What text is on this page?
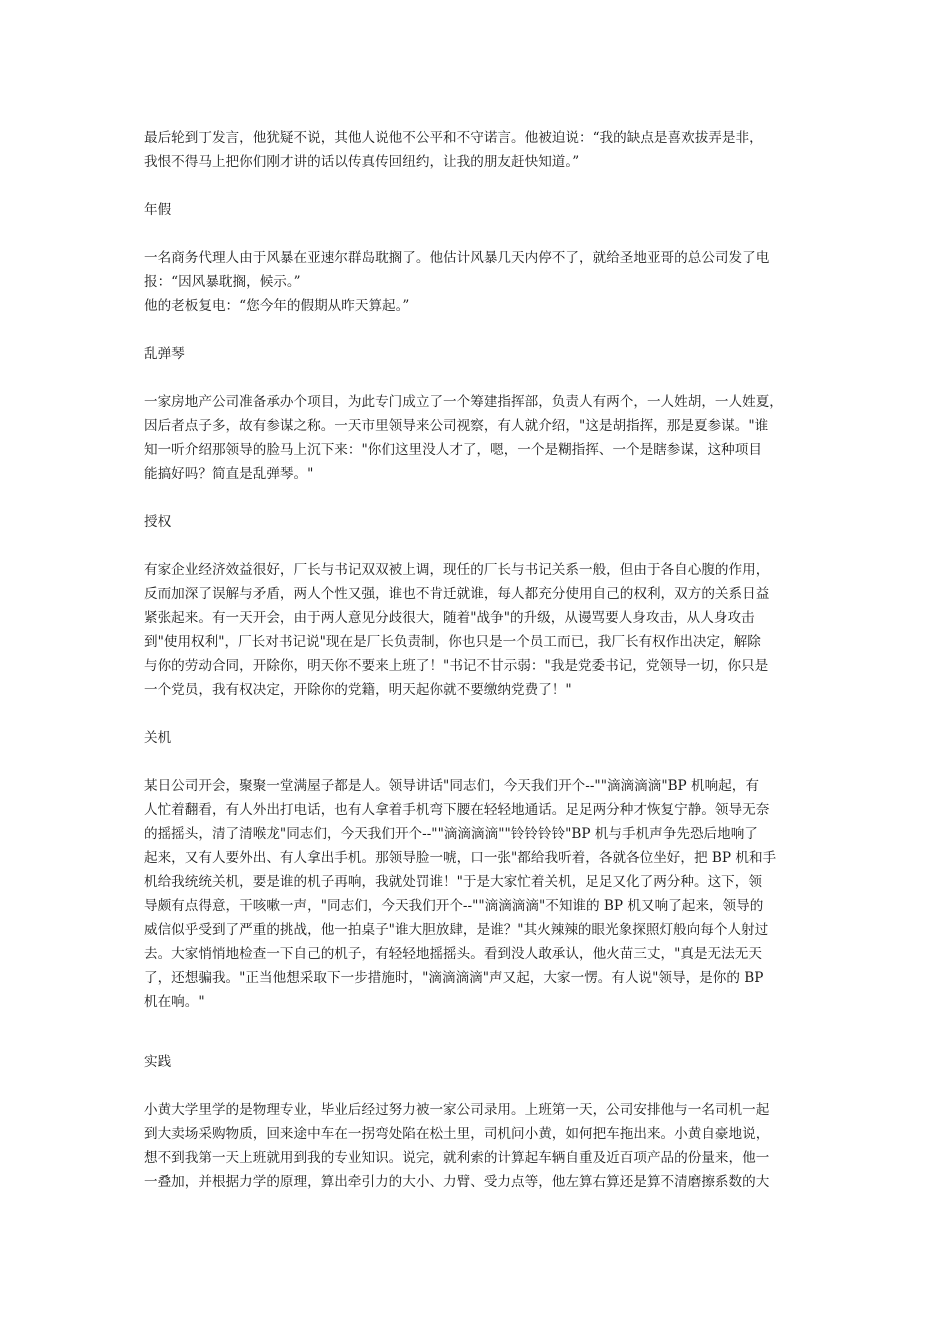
最后轮到丁发言，他犹疑不说，其他人说他不公平和不守诺言。他被迫说：“我的缺点是喜欢拔弄是非，
我恨不得马上把你们刚才讲的话以传真传回纽约，让我的朋友赶快知道。”
年假
一名商务代理人由于风暴在亚速尔群岛耽搁了。他估计风暴几天内停不了，就给圣地亚哥的总公司发了电
报：“因风暴耽搁，候示。”
他的老板复电：“您今年的假期从昨天算起。”
乱弹琴
一家房地产公司准备承办个项目，为此专门成立了一个筹建指挥部，负责人有两个，一人姓胡，一人姓夏，
因后者点子多，故有参谋之称。一天市里领导来公司视察，有人就介绍，"这是胡指挥，那是夏参谋。"谁
知一听介绍那领导的脸马上沉下来："你们这里没人才了，嗯，一个是糊指挥、一个是瞎参谋，这种项目
能搞好吗？简直是乱弹琴。"
授权
有家企业经济效益很好，厂长与书记双双被上调，现任的厂长与书记关系一般，但由于各自心腹的作用，
反而加深了误解与矛盾，两人个性又强，谁也不肯迁就谁，每人都充分使用自己的权利，双方的关系日益
紧张起来。有一天开会，由于两人意见分歧很大，随着"战争"的升级，从谩骂要人身攻击，从人身攻击
到"使用权利"，厂长对书记说"现在是厂长负责制，你也只是一个员工而已，我厂长有权作出决定，解除
与你的劳动合同，开除你，明天你不要来上班了！"书记不甘示弱："我是党委书记，党领导一切，你只是
一个党员，我有权决定，开除你的党籍，明天起你就不要缴纳党费了！"
关机
某日公司开会，聚聚一堂满屋子都是人。领导讲话"同志们，今天我们开个--""滴滴滴滴"BP 机响起，有
人忙着翻看，有人外出打电话，也有人拿着手机弯下腰在轻轻地通话。足足两分种才恢复宁静。领导无奈
的摇摇头，清了清喉龙"同志们，今天我们开个--""滴滴滴滴""铃铃铃铃"BP 机与手机声争先恐后地响了
起来，又有人要外出、有人拿出手机。那领导脸一唬，口一张"都给我听着，各就各位坐好，把 BP 机和手
机给我统统关机，要是谁的机子再响，我就处罚谁！"于是大家忙着关机，足足又化了两分种。这下，领
导颇有点得意，干咳嗽一声，"同志们，今天我们开个--""滴滴滴滴"不知谁的 BP 机又响了起来，领导的
威信似乎受到了严重的挑战，他一拍桌子"谁大胆放肆，是谁？"其火辣辣的眼光象探照灯般向每个人射过
去。大家悄悄地检查一下自己的机子，有轻轻地摇摇头。看到没人敢承认，他火苗三丈，"真是无法无天
了，还想骗我。"正当他想采取下一步措施时，"滴滴滴滴"声又起，大家一愣。有人说"领导，是你的 BP
机在响。"
实践
小黄大学里学的是物理专业，毕业后经过努力被一家公司录用。上班第一天，公司安排他与一名司机一起
到大卖场采购物质，回来途中车在一拐弯处陷在松土里，司机问小黄，如何把车拖出来。小黄自豪地说，
想不到我第一天上班就用到我的专业知识。说完，就利索的计算起车辆自重及近百项产品的份量来，他一
一叠加，并根据力学的原理，算出牵引力的大小、力臂、受力点等，他左算右算还是算不清磨擦系数的大
